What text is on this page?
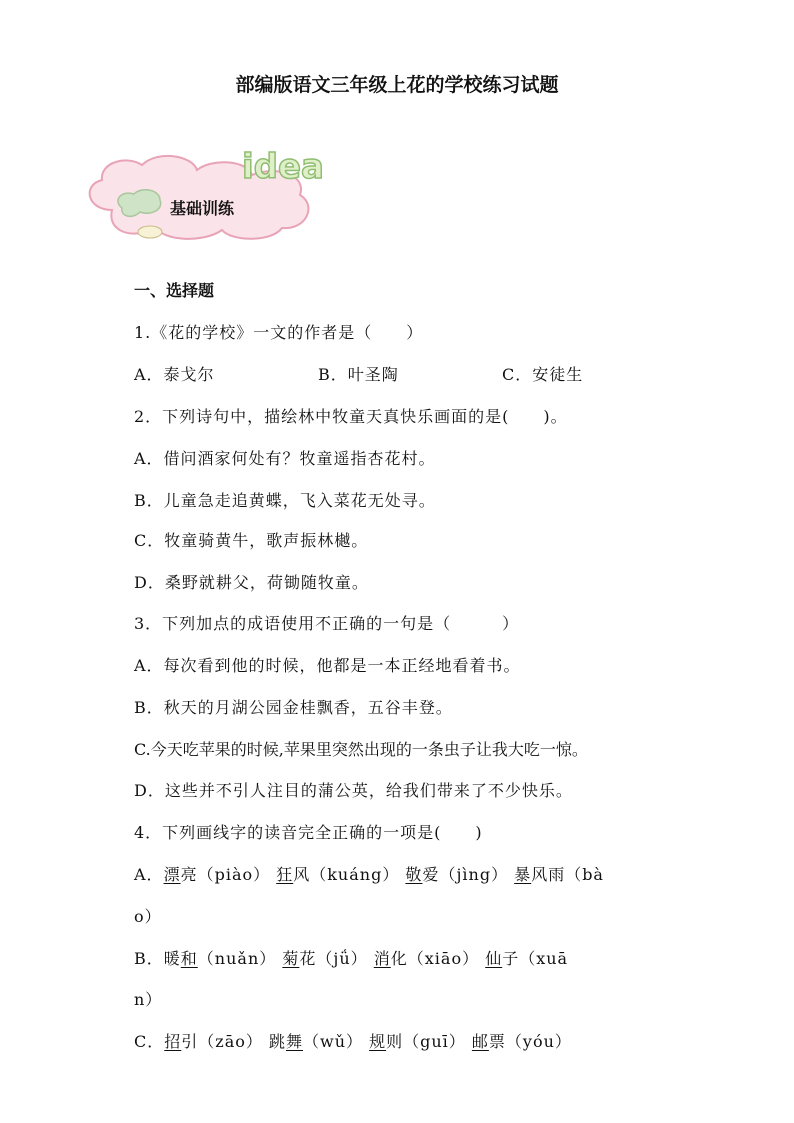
部编版语文三年级上花的学校练习试题
idea
基础训练
一、选择题
1.《花的学校》一文的作者是（　　）
A．泰戈尔	B．叶圣陶	C．安徒生
2．下列诗句中，描绘林中牧童天真快乐画面的是(　　)。
A．借问酒家何处有？牧童遥指杏花村。
B．儿童急走追黄蝶，飞入菜花无处寻。
C．牧童骑黄牛，歌声振林樾。
D．桑野就耕父，荷锄随牧童。
3．下列加点的成语使用不正确的一句是（　　　）
A．每次看到他的时候，他都是一本正经地看着书。
B．秋天的月湖公园金桂飘香，五谷丰登。
C.今天吃苹果的时候,苹果里突然出现的一条虫子让我大吃一惊。
D．这些并不引人注目的蒲公英，给我们带来了不少快乐。
4．下列画线字的读音完全正确的一项是(　　)
A．漂亮（piào） 狂风（kuáng） 敬爱（jìng） 暴风雨（bà
o）
B．暖和（nuǎn） 菊花（jǘ） 消化（xiāo） 仙子（xuā
n）
C．招引（zāo） 跳舞（wǔ） 规则（guī） 邮票（yóu）
